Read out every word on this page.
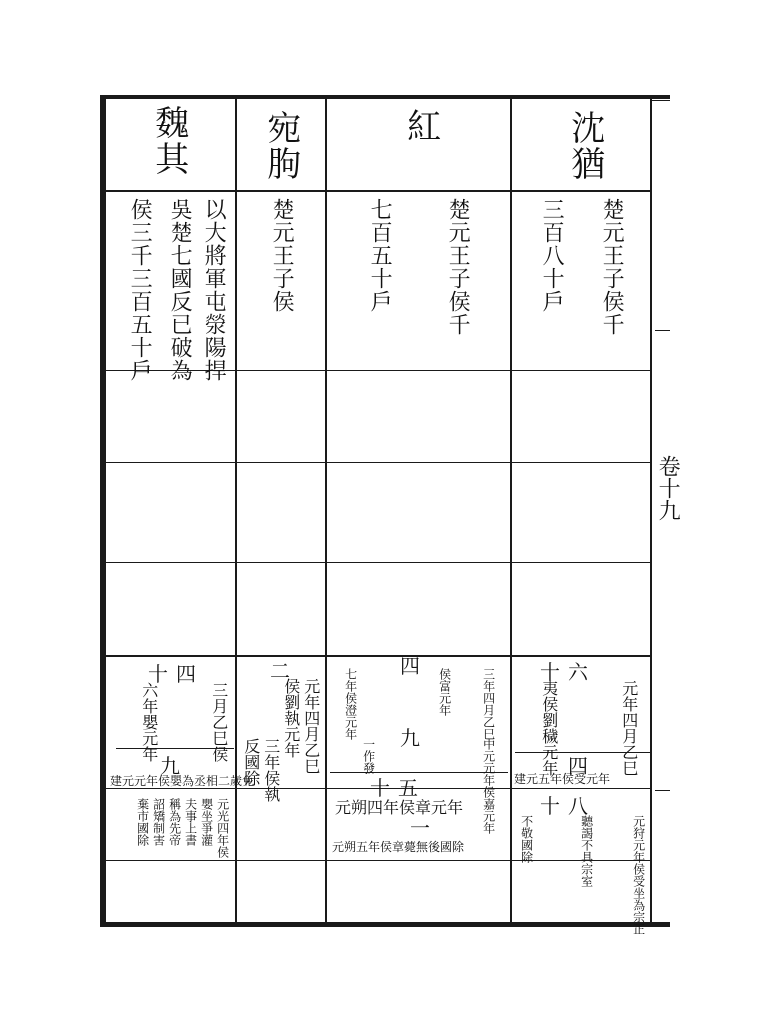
卷十九
魏其
以大將軍屯滎陽捍
吳楚七國反已破為
侯三千三百五十戶
十四
三月乙巳侯
六年嬰元年
九
建元元年侯嬰為丞相二歲免
元光四年侯
嬰坐爭灌
夫事上書
稱為先帝
詔矯制害
棄市國除
宛朐
楚元王子侯
二
元年四月乙巳
侯劉執元年
三年侯執
反國除
紅
楚元王子侯千
七百五十戶
四
三年四月乙巳
侯富元年
七年侯澄元年 九	中元元年侯嘉元年
一作發
十五
元朔四年侯章元年
一
元朔五年侯章薨無後國除
沈猶
楚元王子侯千
三百八十戶
十六
元年四月乙巳
夷侯劉穢元年 四
建元五年侯受元年
十八
元狩元年侯受坐為宗正
聽謁不具宗室
不敬國除
